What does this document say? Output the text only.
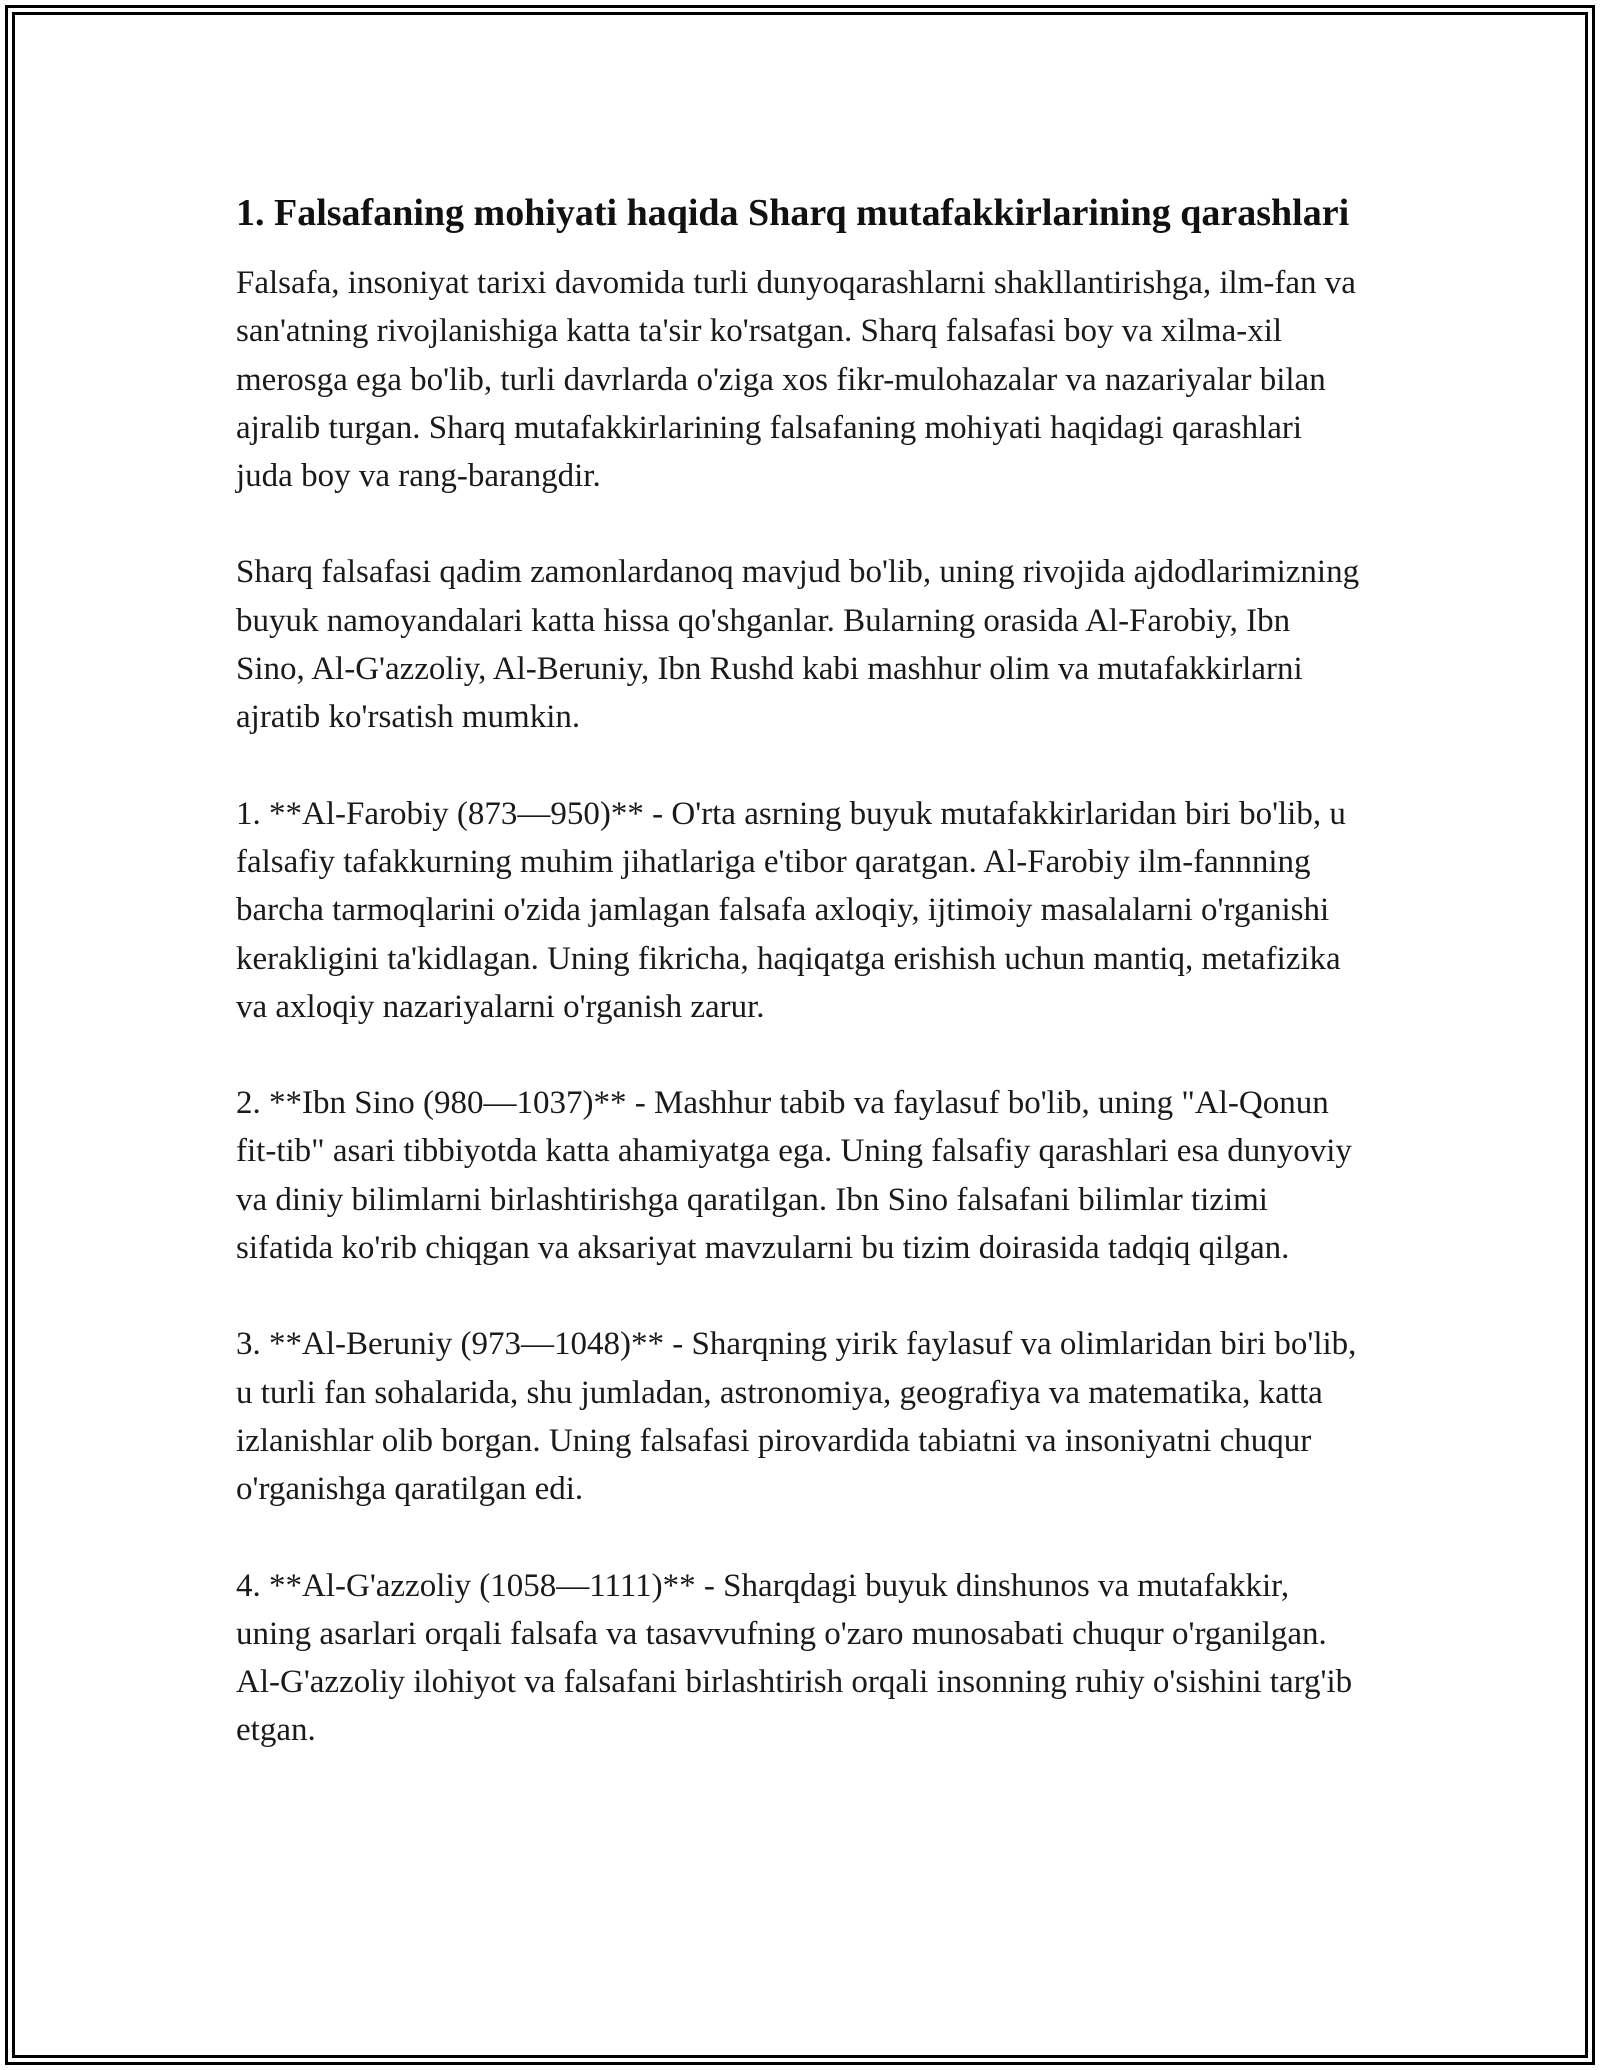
1. Falsafaning mohiyati haqida Sharq mutafakkirlarining qarashlari

Falsafa, insoniyat tarixi davomida turli dunyoqarashlarni shakllantirishga, ilm-fan va san'atning rivojlanishiga katta ta'sir ko'rsatgan. Sharq falsafasi boy va xilma-xil merosga ega bo'lib, turli davrlarda o'ziga xos fikr-mulohazalar va nazariyalar bilan ajralib turgan. Sharq mutafakkirlarining falsafaning mohiyati haqidagi qarashlari juda boy va rang-barangdir.

Sharq falsafasi qadim zamonlardanoq mavjud bo'lib, uning rivojida ajdodlarimizning buyuk namoyandalari katta hissa qo'shganlar. Bularning orasida Al-Farobiy, Ibn Sino, Al-G'azzoliy, Al-Beruniy, Ibn Rushd kabi mashhur olim va mutafakkirlarni ajratib ko'rsatish mumkin.

1. **Al-Farobiy (873—950)** - O'rta asrning buyuk mutafakkirlaridan biri bo'lib, u falsafiy tafakkurning muhim jihatlariga e'tibor qaratgan. Al-Farobiy ilm-fannning barcha tarmoqlarini o'zida jamlagan falsafa axloqiy, ijtimoiy masalalarni o'rganishi kerakligini ta'kidlagan. Uning fikricha, haqiqatga erishish uchun mantiq, metafizika va axloqiy nazariyalarni o'rganish zarur.

2. **Ibn Sino (980—1037)** - Mashhur tabib va faylasuf bo'lib, uning "Al-Qonun fit-tib" asari tibbiyotda katta ahamiyatga ega. Uning falsafiy qarashlari esa dunyoviy va diniy bilimlarni birlashtirishga qaratilgan. Ibn Sino falsafani bilimlar tizimi sifatida ko'rib chiqgan va aksariyat mavzularni bu tizim doirasida tadqiq qilgan.

3. **Al-Beruniy (973—1048)** - Sharqning yirik faylasuf va olimlaridan biri bo'lib, u turli fan sohalarida, shu jumladan, astronomiya, geografiya va matematika, katta izlanishlar olib borgan. Uning falsafasi pirovardida tabiatni va insoniyatni chuqur o'rganishga qaratilgan edi.

4. **Al-G'azzoliy (1058—1111)** - Sharqdagi buyuk dinshunos va mutafakkir, uning asarlari orqali falsafa va tasavvufning o'zaro munosabati chuqur o'rganilgan. Al-G'azzoliy ilohiyot va falsafani birlashtirish orqali insonning ruhiy o'sishini targ'ib etgan.
